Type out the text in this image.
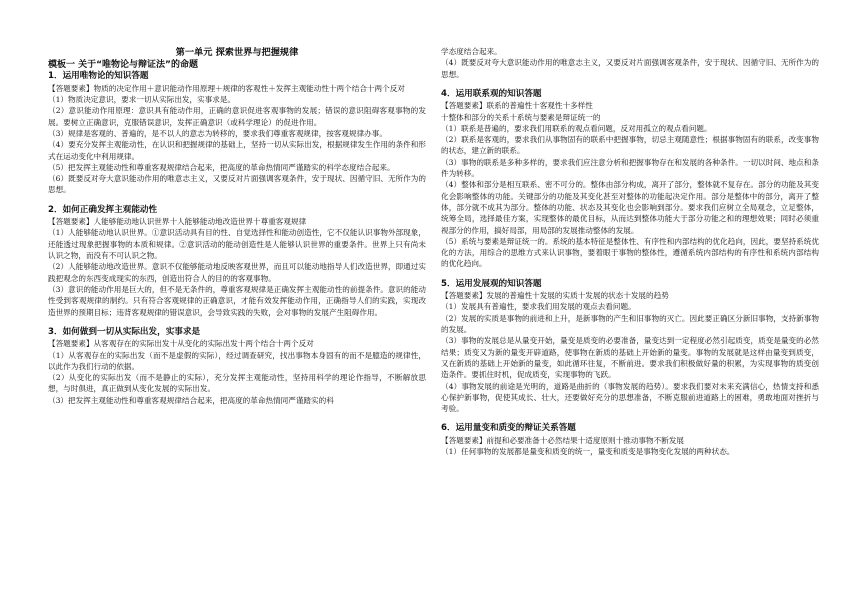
第一单元 探索世界与把握规律
模板一 关于“唯物论与辩证法”的命题
1．运用唯物论的知识答题

【答题要素】物质的决定作用＋意识能动作用原理＋规律的客观性＋发挥主观能动性十两个结合十两个反对

（1）物质决定意识，要求一切从实际出发，实事求是。

（2）意识能动作用原理：意识具有能动作用，正确的意识促进客观事物的发展；错误的意识阻碍客观事物的发展。要树立正确意识，克服错误意识，发挥正确意识（或科学理论）的促进作用。

（3）规律是客观的、普遍的，是不以人的意志为转移的，要求我们尊重客观规律，按客观规律办事。

（4）要充分发挥主观能动性，在认识和把握规律的基础上，坚持一切从实际出发，根据规律发生作用的条件和形式在运动变化中利用规律。

（5）把发挥主观能动性和尊重客观规律结合起来，把高度的革命热情同严谨踏实的科学态度结合起来。

（6）既要反对夸大意识能动作用的唯意志主义，又要反对片面强调客观条件，安于现状、因循守旧、无所作为的思想。

2．如何正确发挥主观能动性

【答题要素】人能够能动地认识世界十人能够能动地改造世界十尊重客观规律

（1）人能够能动地认识世界。①意识活动具有目的性、自觉选择性和能动创造性，它不仅能认识事物外部现象，还能透过现象把握事物的本质和规律。②意识活动的能动创造性是人能够认识世界的重要条件。世界上只有尚未认识之物，而没有不可认识之物。

（2）人能够能动地改造世界。意识不仅能够能动地反映客观世界，而且可以能动地指导人们改造世界，即通过实践把观念的东西变成现实的东西，创造出符合人的目的的客观事物。

（3）意识的能动作用是巨大的，但不是无条件的，尊重客观规律是正确发挥主观能动性的前提条件。意识的能动性受到客观规律的制约。只有符合客观规律的正确意识，才能有效发挥能动作用，正确指导人们的实践，实现改造世界的预期目标；违背客观规律的错误意识，会导致实践的失败，会对事物的发展产生阻碍作用。

3．如何做到一切从实际出发，实事求是

【答题要素】从客观存在的实际出发十从变化的实际出发十两个结合十两个反对

（1）从客观存在的实际出发（而不是虚假的实际），经过调查研究，找出事物本身固有的而不是臆造的规律性，以此作为我们行动的依据。

（2）从变化的实际出发（而不是静止的实际），充分发挥主观能动性，坚持用科学的理论作指导，不断解放思想，与时俱进，真正做到从变化发展的实际出发。

（3）把发挥主观能动性和尊重客观规律结合起来，把高度的革命热情同严谨踏实的科

学态度结合起来。

（4）既要反对夸大意识能动作用的唯意志主义，又要反对片面强调客观条件，安于现状、因循守旧、无所作为的思想。

4．运用联系观的知识答题

【答题要素】联系的普遍性十客观性十多样性

十整体和部分的关系十系统与要素是辩证统一的

（1）联系是普遍的，要求我们用联系的观点看问题，反对用孤立的观点看问题。

（2）联系是客观的，要求我们从事物固有的联系中把握事物，切忌主观随意性；根据事物固有的联系，改变事物的状态，建立新的联系。

（3）事物的联系是多种多样的，要求我们应注意分析和把握事物存在和发展的各种条件。一切以时间、地点和条件为转移。

（4）整体和部分是相互联系、密不可分的。整体由部分构成，离开了部分，整体就不复存在。部分的功能及其变化会影响整体的功能。关键部分的功能及其变化甚至对整体的功能起决定作用。部分是整体中的部分，离开了整体，部分就不成其为部分。整体的功能、状态及其变化也会影响到部分。要求我们应树立全局观念，立足整体，统筹全局，选择最佳方案，实现整体的最优目标，从而达到整体功能大于部分功能之和的理想效果；同时必须重视部分的作用，搞好局部，用局部的发展推动整体的发展。

（5）系统与要素是辩证统一的。系统的基本特征是整体性、有序性和内部结构的优化趋向，因此，要坚持系统优化的方法，用综合的思维方式来认识事物，要着眼于事物的整体性，遵循系统内部结构的有序性和系统内部结构的优化趋向。

5．运用发展观的知识答题

【答题要素】发展的普遍性十发展的实质十发展的状态十发展的趋势

（1）发展具有普遍性，要求我们用发展的观点去看问题。

（2）发展的实质是事物的前进和上升，是新事物的产生和旧事物的灭亡。因此要正确区分新旧事物，支持新事物的发展。

（3）事物的发展总是从量变开始，量变是质变的必要准备，量变达到一定程度必然引起质变，质变是量变的必然结果；质变又为新的量变开辟道路，使事物在新质的基础上开始新的量变。事物的发展就是这样由量变到质变，又在新质的基础上开始新的量变，如此循环往复，不断前进。要求我们积极做好量的积累，为实现事物的质变创造条件。要抓住时机，促成质变，实现事物的飞跃。

（4）事物发展的前途是光明的，道路是曲折的（事物发展的趋势）。要求我们要对未来充满信心，热情支持和悉心保护新事物，促使其成长、壮大，还要做好充分的思想准备，不断克服前进道路上的困难，勇敢地面对挫折与考验。

6．运用量变和质变的辩证关系答题

【答题要素】前提和必要准备十必然结果十适度原则十推动事物不断发展

（1）任何事物的发展都是量变和质变的统一，量变和质变是事物变化发展的两种状态。
